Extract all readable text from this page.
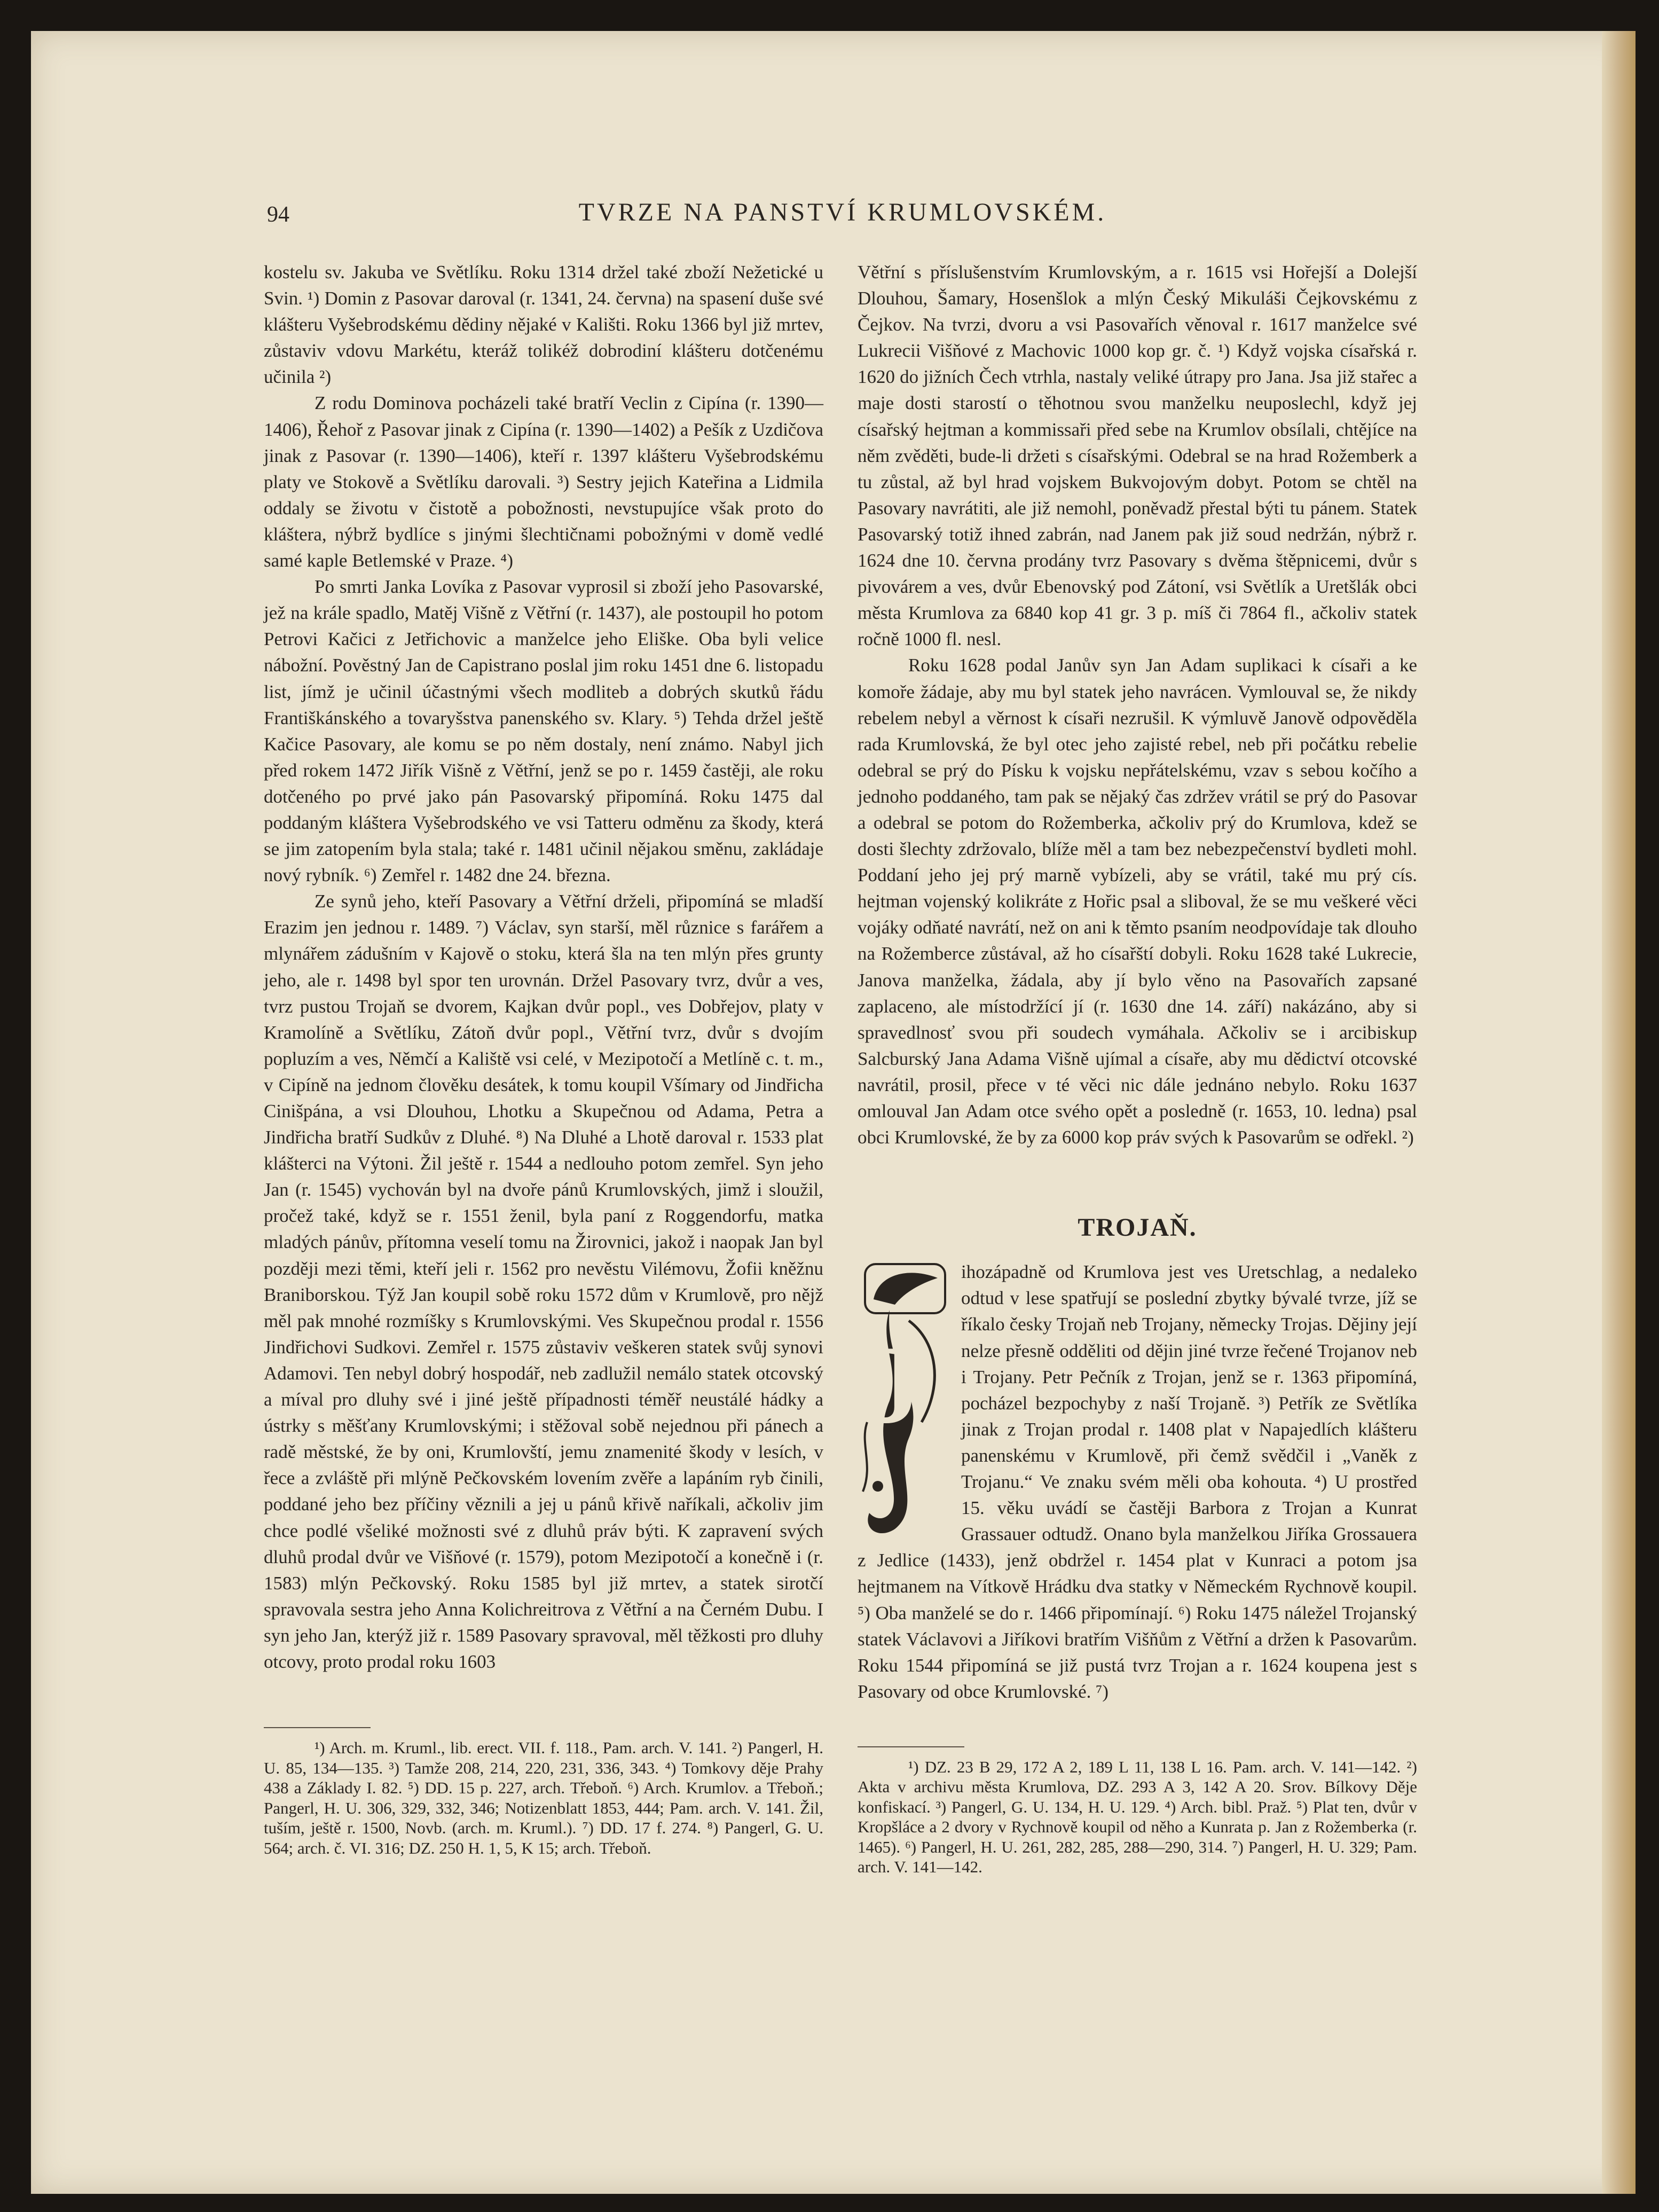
94	TVRZE NA PANSTVÍ KRUMLOVSKÉM.

kostelu sv. Jakuba ve Světlíku. Roku 1314 držel také zboží Nežetické u Svin. ¹) Domin z Pasovar daroval (r. 1341, 24. června) na spasení duše své klášteru Vyšebrodskému dědiny nějaké v Kališti. Roku 1366 byl již mrtev, zůstaviv vdovu Markétu, kteráž tolikéž dobrodiní klášteru dotčenému učinila ²)

Z rodu Dominova pocházeli také bratří Veclin z Cipína (r. 1390—1406), Řehoř z Pasovar jinak z Cipína (r. 1390—1402) a Pešík z Uzdičova jinak z Pasovar (r. 1390—1406), kteří r. 1397 klášteru Vyšebrodskému platy ve Stokově a Světlíku darovali. ³) Sestry jejich Kateřina a Lidmila oddaly se životu v čistotě a pobožnosti, nevstupujíce však proto do kláštera, nýbrž bydlíce s jinými šlechtičnami pobožnými v domě vedlé samé kaple Betlemské v Praze. ⁴)

Po smrti Janka Lovíka z Pasovar vyprosil si zboží jeho Pasovarské, jež na krále spadlo, Matěj Višně z Větřní (r. 1437), ale postoupil ho potom Petrovi Kačici z Jetřichovic a manželce jeho Eliške. Oba byli velice nábožní. Pověstný Jan de Capistrano poslal jim roku 1451 dne 6. listopadu list, jímž je učinil účastnými všech modliteb a dobrých skutků řádu Františkánského a tovaryšstva panenského sv. Klary. ⁵) Tehda držel ještě Kačice Pasovary, ale komu se po něm dostaly, není známo. Nabyl jich před rokem 1472 Jiřík Višně z Větřní, jenž se po r. 1459 častěji, ale roku dotčeného po prvé jako pán Pasovarský připomíná. Roku 1475 dal poddaným kláštera Vyšebrodského ve vsi Tatteru odměnu za škody, která se jim zatopením byla stala; také r. 1481 učinil nějakou směnu, zakládaje nový rybník. ⁶) Zemřel r. 1482 dne 24. března.

Ze synů jeho, kteří Pasovary a Větřní drželi, připomíná se mladší Erazim jen jednou r. 1489. ⁷) Václav, syn starší, měl různice s farářem a mlynářem zádušním v Kajově o stoku, která šla na ten mlýn přes grunty jeho, ale r. 1498 byl spor ten urovnán. Držel Pasovary tvrz, dvůr a ves, tvrz pustou Trojaň se dvorem, Kajkan dvůr popl., ves Dobřejov, platy v Kramolíně a Světlíku, Zátoň dvůr popl., Větřní tvrz, dvůr s dvojím popluzím a ves, Němčí a Kaliště vsi celé, v Mezipotočí a Metlíně c. t. m., v Cipíně na jednom člověku desátek, k tomu koupil Všímary od Jindřicha Cinišpána, a vsi Dlouhou, Lhotku a Skupečnou od Adama, Petra a Jindřicha bratří Sudkův z Dluhé. ⁸) Na Dluhé a Lhotě daroval r. 1533 plat klášterci na Výtoni. Žil ještě r. 1544 a nedlouho potom zemřel. Syn jeho Jan (r. 1545) vychován byl na dvoře pánů Krumlovských, jimž i sloužil, pročež také, když se r. 1551 ženil, byla paní z Roggendorfu, matka mladých pánův, přítomna veselí tomu na Žirovnici, jakož i naopak Jan byl později mezi těmi, kteří jeli r. 1562 pro nevěstu Vilémovu, Žofii kněžnu Braniborskou. Týž Jan koupil sobě roku 1572 dům v Krumlově, pro nějž měl pak mnohé rozmíšky s Krumlovskými. Ves Skupečnou prodal r. 1556 Jindřichovi Sudkovi. Zemřel r. 1575 zůstaviv veškeren statek svůj synovi Adamovi. Ten nebyl dobrý hospodář, neb zadlužil nemálo statek otcovský a míval pro dluhy své i jiné ještě případnosti téměř neustálé hádky a ústrky s měšťany Krumlovskými; i stěžoval sobě nejednou při pánech a radě městské, že by oni, Krumlovští, jemu znamenité škody v lesích, v řece a zvláště při mlýně Pečkovském lovením zvěře a lapáním ryb činili, poddané jeho bez příčiny věznili a jej u pánů křivě naříkali, ačkoliv jim chce podlé všeliké možnosti své z dluhů práv býti. K zapravení svých dluhů prodal dvůr ve Višňové (r. 1579), potom Mezipotočí a konečně i (r. 1583) mlýn Pečkovský. Roku 1585 byl již mrtev, a statek sirotčí spravovala sestra jeho Anna Kolichreitrova z Větřní a na Černém Dubu. I syn jeho Jan, kterýž již r. 1589 Pasovary spravoval, měl těžkosti pro dluhy otcovy, proto prodal roku 1603

¹) Arch. m. Kruml., lib. erect. VII. f. 118., Pam. arch. V. 141. ²) Pangerl, H. U. 85, 134—135. ³) Tamže 208, 214, 220, 231, 336, 343. ⁴) Tomkovy děje Prahy 438 a Základy I. 82. ⁵) DD. 15 p. 227, arch. Třeboň. ⁶) Arch. Krumlov. a Třeboň.; Pangerl, H. U. 306, 329, 332, 346; Notizenblatt 1853, 444; Pam. arch. V. 141. Žil, tuším, ještě r. 1500, Novb. (arch. m. Kruml.). ⁷) DD. 17 f. 274. ⁸) Pangerl, G. U. 564; arch. č. VI. 316; DZ. 250 H. 1, 5, K 15; arch. Třeboň.

Větřní s příslušenstvím Krumlovským, a r. 1615 vsi Hořejší a Dolejší Dlouhou, Šamary, Hosenšlok a mlýn Český Mikuláši Čejkovskému z Čejkov. Na tvrzi, dvoru a vsi Pasovařích věnoval r. 1617 manželce své Lukrecii Višňové z Machovic 1000 kop gr. č. ¹) Když vojska císařská r. 1620 do jižních Čech vtrhla, nastaly veliké útrapy pro Jana. Jsa již stařec a maje dosti starostí o těhotnou svou manželku neuposlechl, když jej císařský hejtman a kommissaři před sebe na Krumlov obsílali, chtějíce na něm zvěděti, bude-li držeti s císařskými. Odebral se na hrad Rožemberk a tu zůstal, až byl hrad vojskem Bukvojovým dobyt. Potom se chtěl na Pasovary navrátiti, ale již nemohl, poněvadž přestal býti tu pánem. Statek Pasovarský totiž ihned zabrán, nad Janem pak již soud nedržán, nýbrž r. 1624 dne 10. června prodány tvrz Pasovary s dvěma štěpnicemi, dvůr s pivovárem a ves, dvůr Ebenovský pod Zátoní, vsi Světlík a Uretšlák obci města Krumlova za 6840 kop 41 gr. 3 p. míš či 7864 fl., ačkoliv statek ročně 1000 fl. nesl.

Roku 1628 podal Janův syn Jan Adam suplikaci k císaři a ke komoře žádaje, aby mu byl statek jeho navrácen. Vymlouval se, že nikdy rebelem nebyl a věrnost k císaři nezrušil. K výmluvě Janově odpověděla rada Krumlovská, že byl otec jeho zajisté rebel, neb při počátku rebelie odebral se prý do Písku k vojsku nepřátelskému, vzav s sebou kočího a jednoho poddaného, tam pak se nějaký čas zdržev vrátil se prý do Pasovar a odebral se potom do Rožemberka, ačkoliv prý do Krumlova, kdež se dosti šlechty zdržovalo, blíže měl a tam bez nebezpečenství bydleti mohl. Poddaní jeho jej prý marně vybízeli, aby se vrátil, také mu prý cís. hejtman vojenský kolikráte z Hořic psal a sliboval, že se mu veškeré věci vojáky odňaté navrátí, než on ani k těmto psaním neodpovídaje tak dlouho na Rožemberce zůstával, až ho císařští dobyli. Roku 1628 také Lukrecie, Janova manželka, žádala, aby jí bylo věno na Pasovařích zapsané zaplaceno, ale místodržící jí (r. 1630 dne 14. září) nakázáno, aby si spravedlnosť svou při soudech vymáhala. Ačkoliv se i arcibiskup Salcburský Jana Adama Višně ujímal a císaře, aby mu dědictví otcovské navrátil, prosil, přece v té věci nic dále jednáno nebylo. Roku 1637 omlouval Jan Adam otce svého opět a posledně (r. 1653, 10. ledna) psal obci Krumlovské, že by za 6000 kop práv svých k Pasovarům se odřekl. ²)

TROJAŇ.

J
ihozápadně od Krumlova jest ves Uretschlag, a nedaleko odtud v lese spatřují se poslední zbytky bývalé tvrze, jíž se říkalo česky Trojaň neb Trojany, německy Trojas. Dějiny její nelze přesně odděliti od dějin jiné tvrze řečené Trojanov neb i Trojany. Petr Pečník z Trojan, jenž se r. 1363 připomíná, pocházel bezpochyby z naší Trojaně. ³) Petřík ze Světlíka jinak z Trojan prodal r. 1408 plat v Napajedlích klášteru panenskému v Krumlově, při čemž svědčil i „Vaněk z Trojanu.“ Ve znaku svém měli oba kohouta. ⁴) U prostřed 15. věku uvádí se častěji Barbora z Trojan a Kunrat Grassauer odtudž. Onano byla manželkou Jiříka Grossauera z Jedlice (1433), jenž obdržel r. 1454 plat v Kunraci a potom jsa hejtmanem na Vítkově Hrádku dva statky v Německém Rychnově koupil. ⁵) Oba manželé se do r. 1466 připomínají. ⁶) Roku 1475 náležel Trojanský statek Václavovi a Jiříkovi bratřím Višňům z Větřní a držen k Pasovarům. Roku 1544 připomíná se již pustá tvrz Trojan a r. 1624 koupena jest s Pasovary od obce Krumlovské. ⁷)

¹) DZ. 23 B 29, 172 A 2, 189 L 11, 138 L 16. Pam. arch. V. 141—142. ²) Akta v archivu města Krumlova, DZ. 293 A 3, 142 A 20. Srov. Bílkovy Děje konfiskací. ³) Pangerl, G. U. 134, H. U. 129. ⁴) Arch. bibl. Praž. ⁵) Plat ten, dvůr v Kropšláce a 2 dvory v Rychnově koupil od něho a Kunrata p. Jan z Rožemberka (r. 1465). ⁶) Pangerl, H. U. 261, 282, 285, 288—290, 314. ⁷) Pangerl, H. U. 329; Pam. arch. V. 141—142.
